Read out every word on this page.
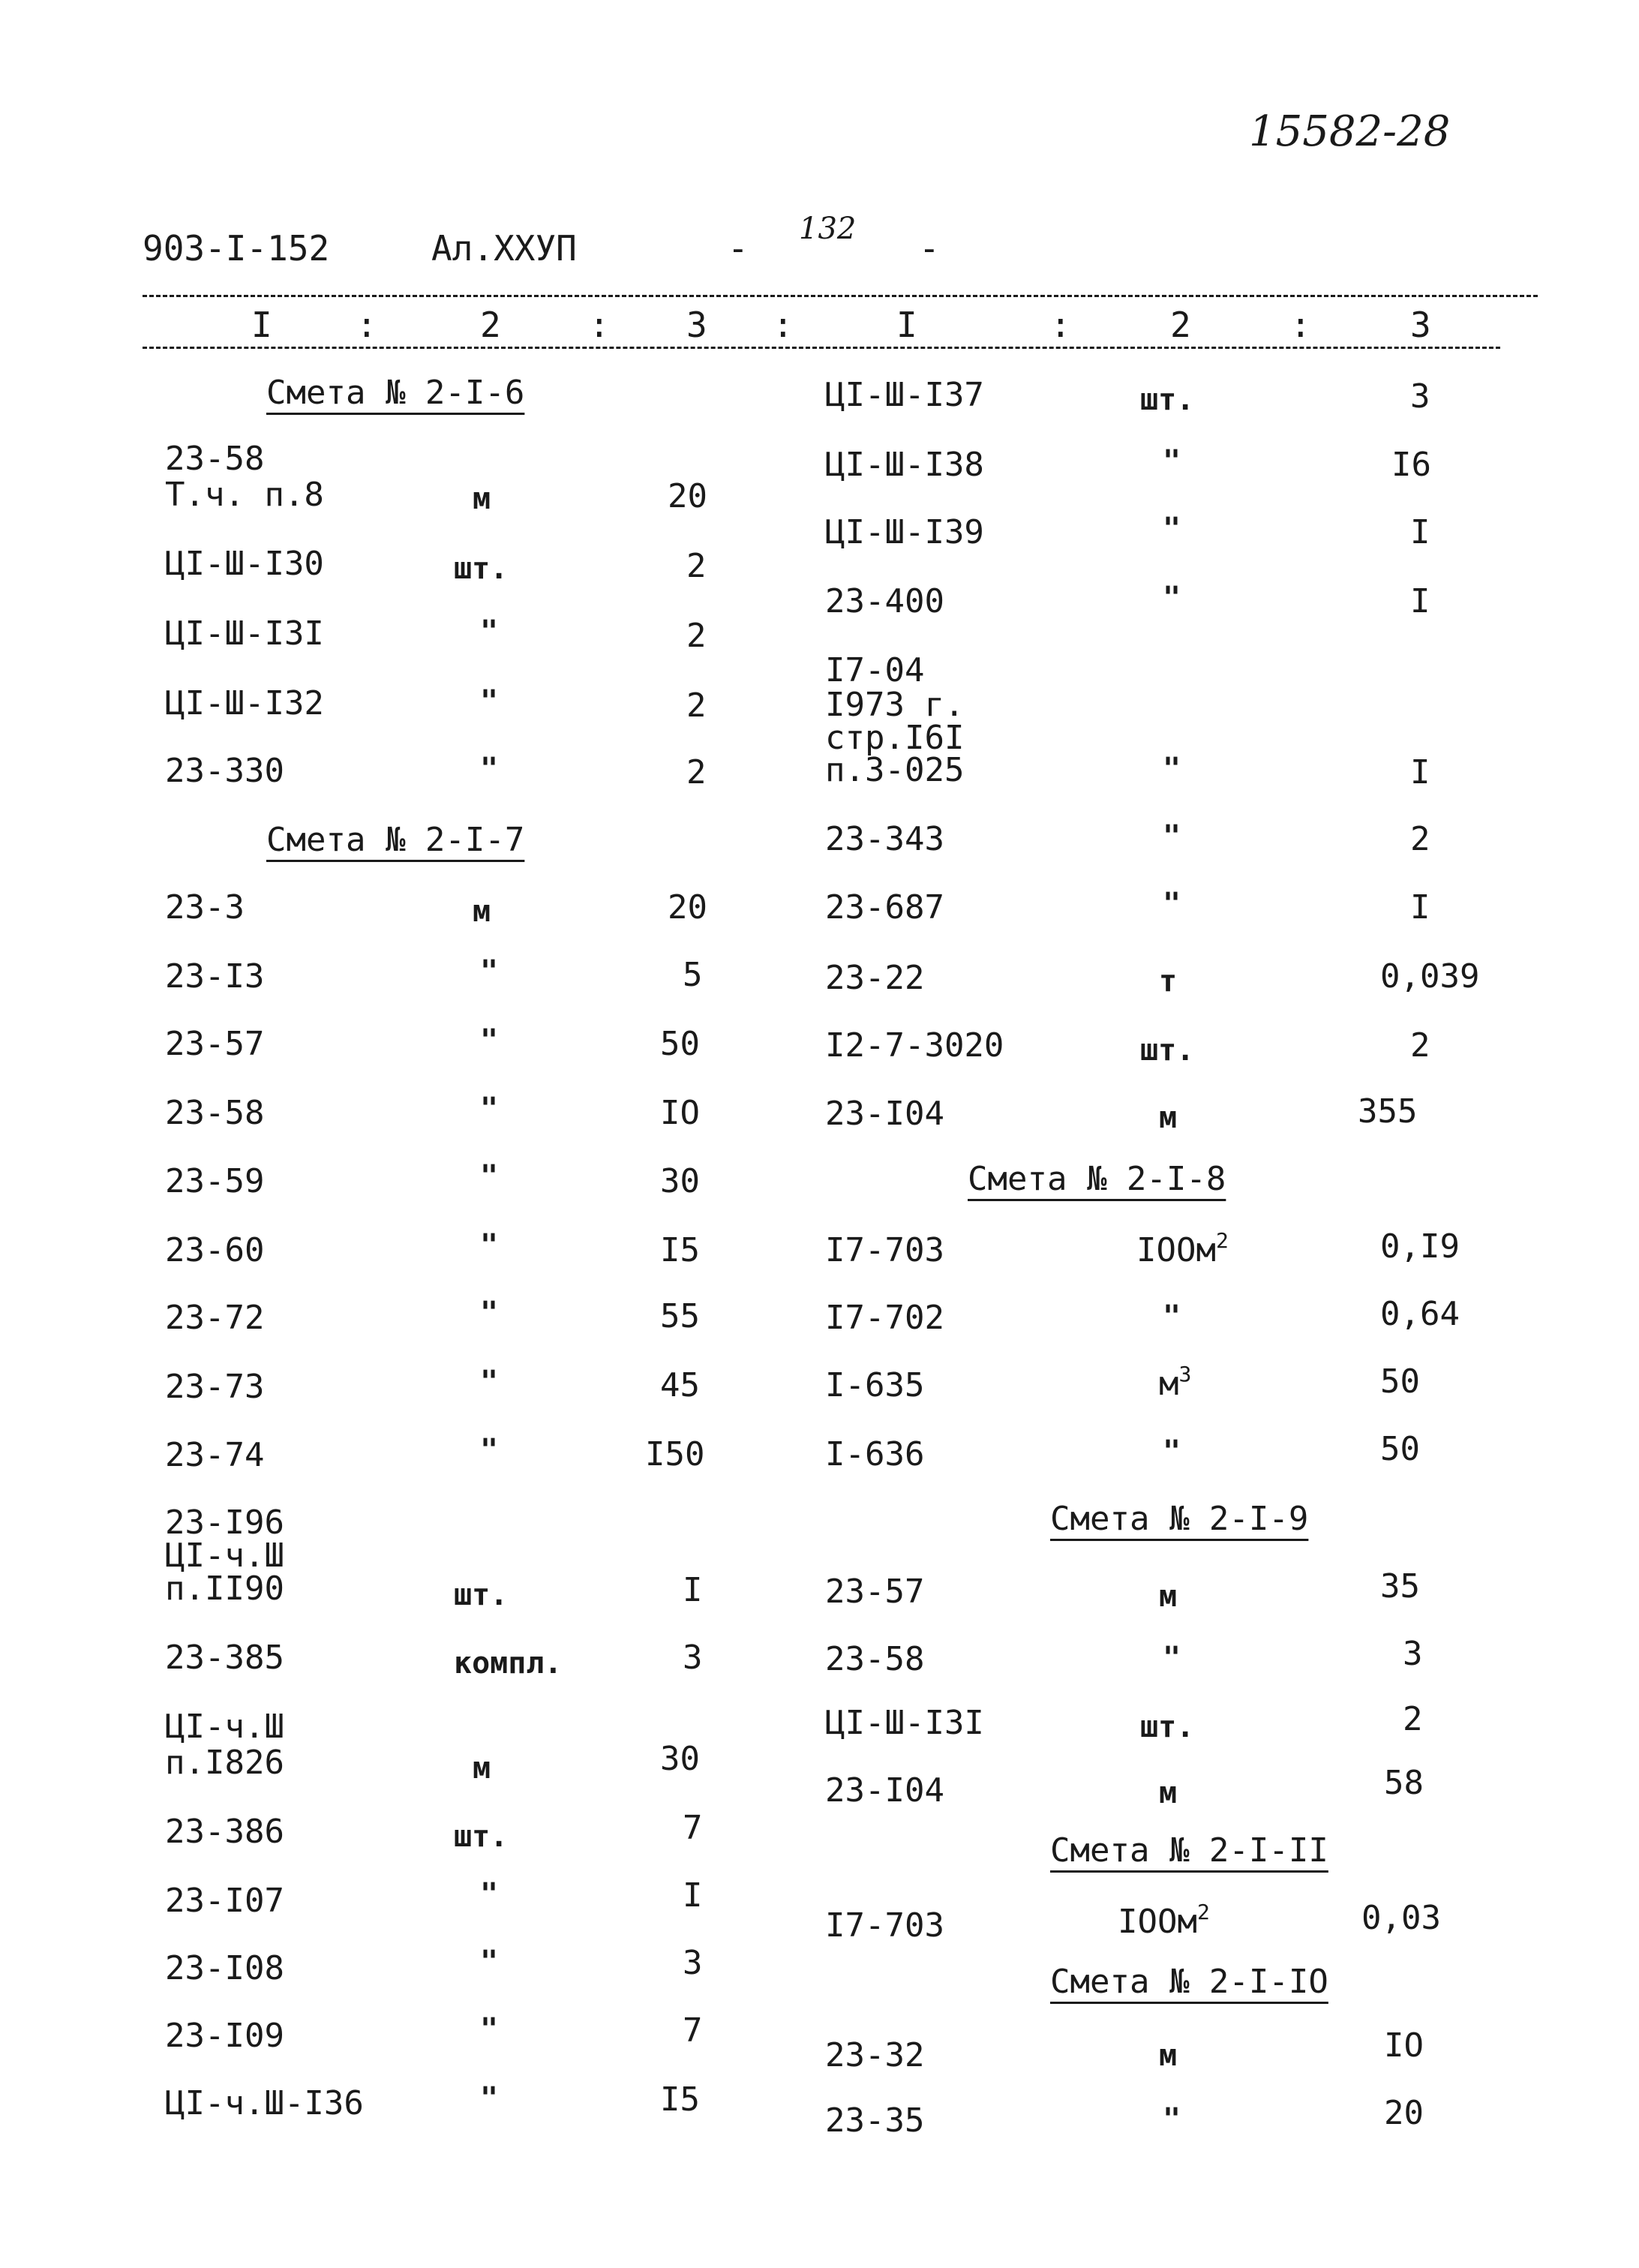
15582-28
903-I-152	Ал.XXУП	- 132 -
I :	2	: 3 :	I	:	2	:	3
Смета № 2-I-6
23-58
Т.ч. п.8	м	20
ЦI-Ш-I30	шт.	2
ЦI-Ш-I3I	"	2
ЦI-Ш-I32	"	2
23-330	"	2
Смета № 2-I-7
23-3	м	20
23-I3	"	5
23-57	"	50
23-58	"	IO
23-59	"	30
23-60	"	I5
23-72	"	55
23-73	"	45
23-74	"	I50
23-I96
ЦI-ч.Ш
п.II90	шт.	I
23-385	компл.	3
ЦI-ч.Ш
п.I826	м	30
23-386	шт.	7
23-I07	"	I
23-I08	"	3
23-I09	"	7
ЦI-ч.Ш-I36	"	I5
ЦI-Ш-I37	шт.	3
ЦI-Ш-I38	"	I6
ЦI-Ш-I39	"	I
23-400	"	I
I7-04
I973 г.
стр.I6I
п.3-025	"	I
23-343	"	2
23-687	"	I
23-22	т	0,039
I2-7-3020	шт.	2
23-I04	м	355
Смета № 2-I-8
I7-703	IOOм$^2$	0,I9
I7-702	"	0,64
I-635	$м^3$	50
I-636	"	50
Смета № 2-I-9
23-57	м	35
23-58	"	3
ЦI-Ш-I3I	шт.	2
23-I04	м	58
Смета № 2-I-II
I7-703	IOOм$^2$	0,03
Смета № 2-I-IO
23-32	м	IO
23-35	"	20
